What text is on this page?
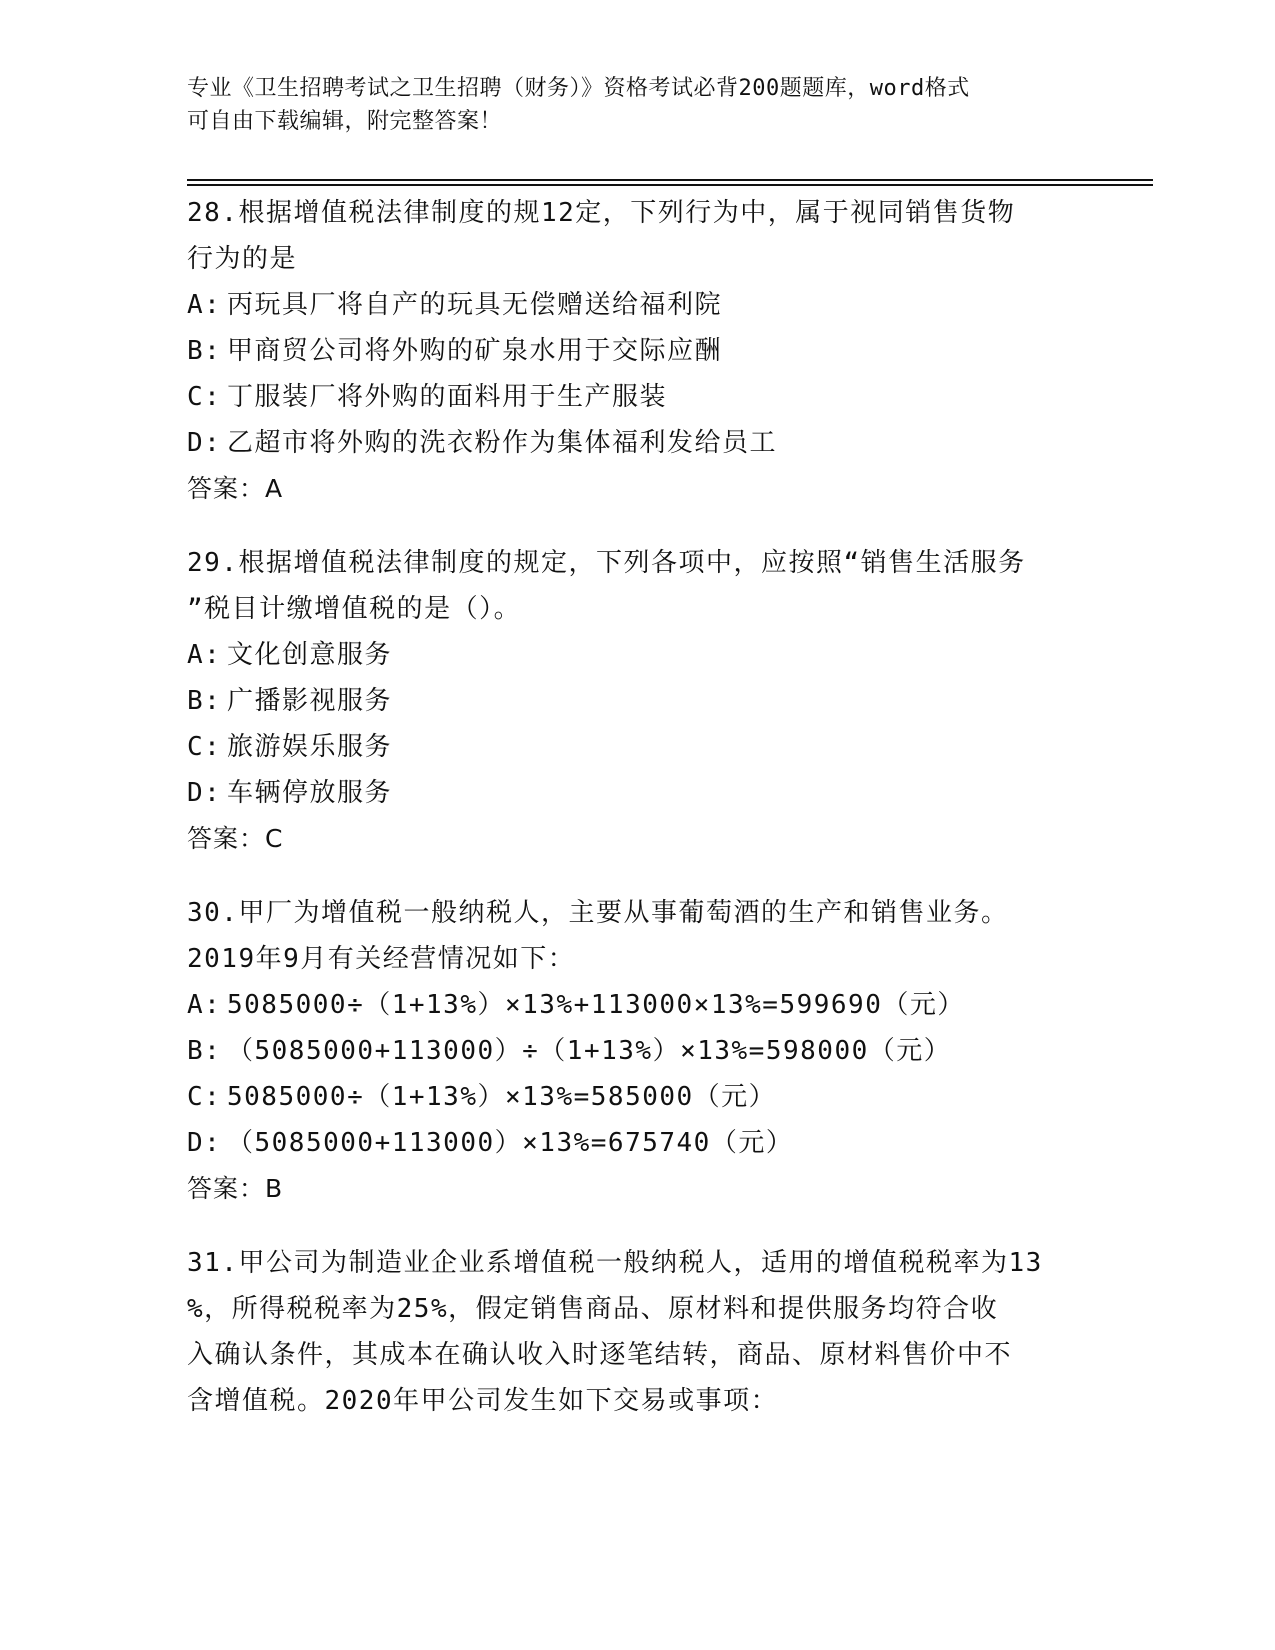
专业《卫生招聘考试之卫生招聘（财务）》资格考试必背200题题库，word格式
可自由下载编辑，附完整答案！
28.根据增值税法律制度的规12定，下列行为中，属于视同销售货物
行为的是
A: 丙玩具厂将自产的玩具无偿赠送给福利院
B: 甲商贸公司将外购的矿泉水用于交际应酬
C: 丁服装厂将外购的面料用于生产服装
D: 乙超市将外购的洗衣粉作为集体福利发给员工
答案：A
29.根据增值税法律制度的规定，下列各项中，应按照“销售生活服务
”税目计缴增值税的是（）。
A: 文化创意服务
B: 广播影视服务
C: 旅游娱乐服务
D: 车辆停放服务
答案：C
30.甲厂为增值税一般纳税人，主要从事葡萄酒的生产和销售业务。
2019年9月有关经营情况如下：
A: 5085000÷（1+13%）×13%+113000×13%=599690（元）
B: （5085000+113000）÷（1+13%）×13%=598000（元）
C: 5085000÷（1+13%）×13%=585000（元）
D: （5085000+113000）×13%=675740（元）
答案：B
31.甲公司为制造业企业系增值税一般纳税人，适用的增值税税率为13
%，所得税税率为25%，假定销售商品、原材料和提供服务均符合收
入确认条件，其成本在确认收入时逐笔结转，商品、原材料售价中不
含增值税。2020年甲公司发生如下交易或事项：
